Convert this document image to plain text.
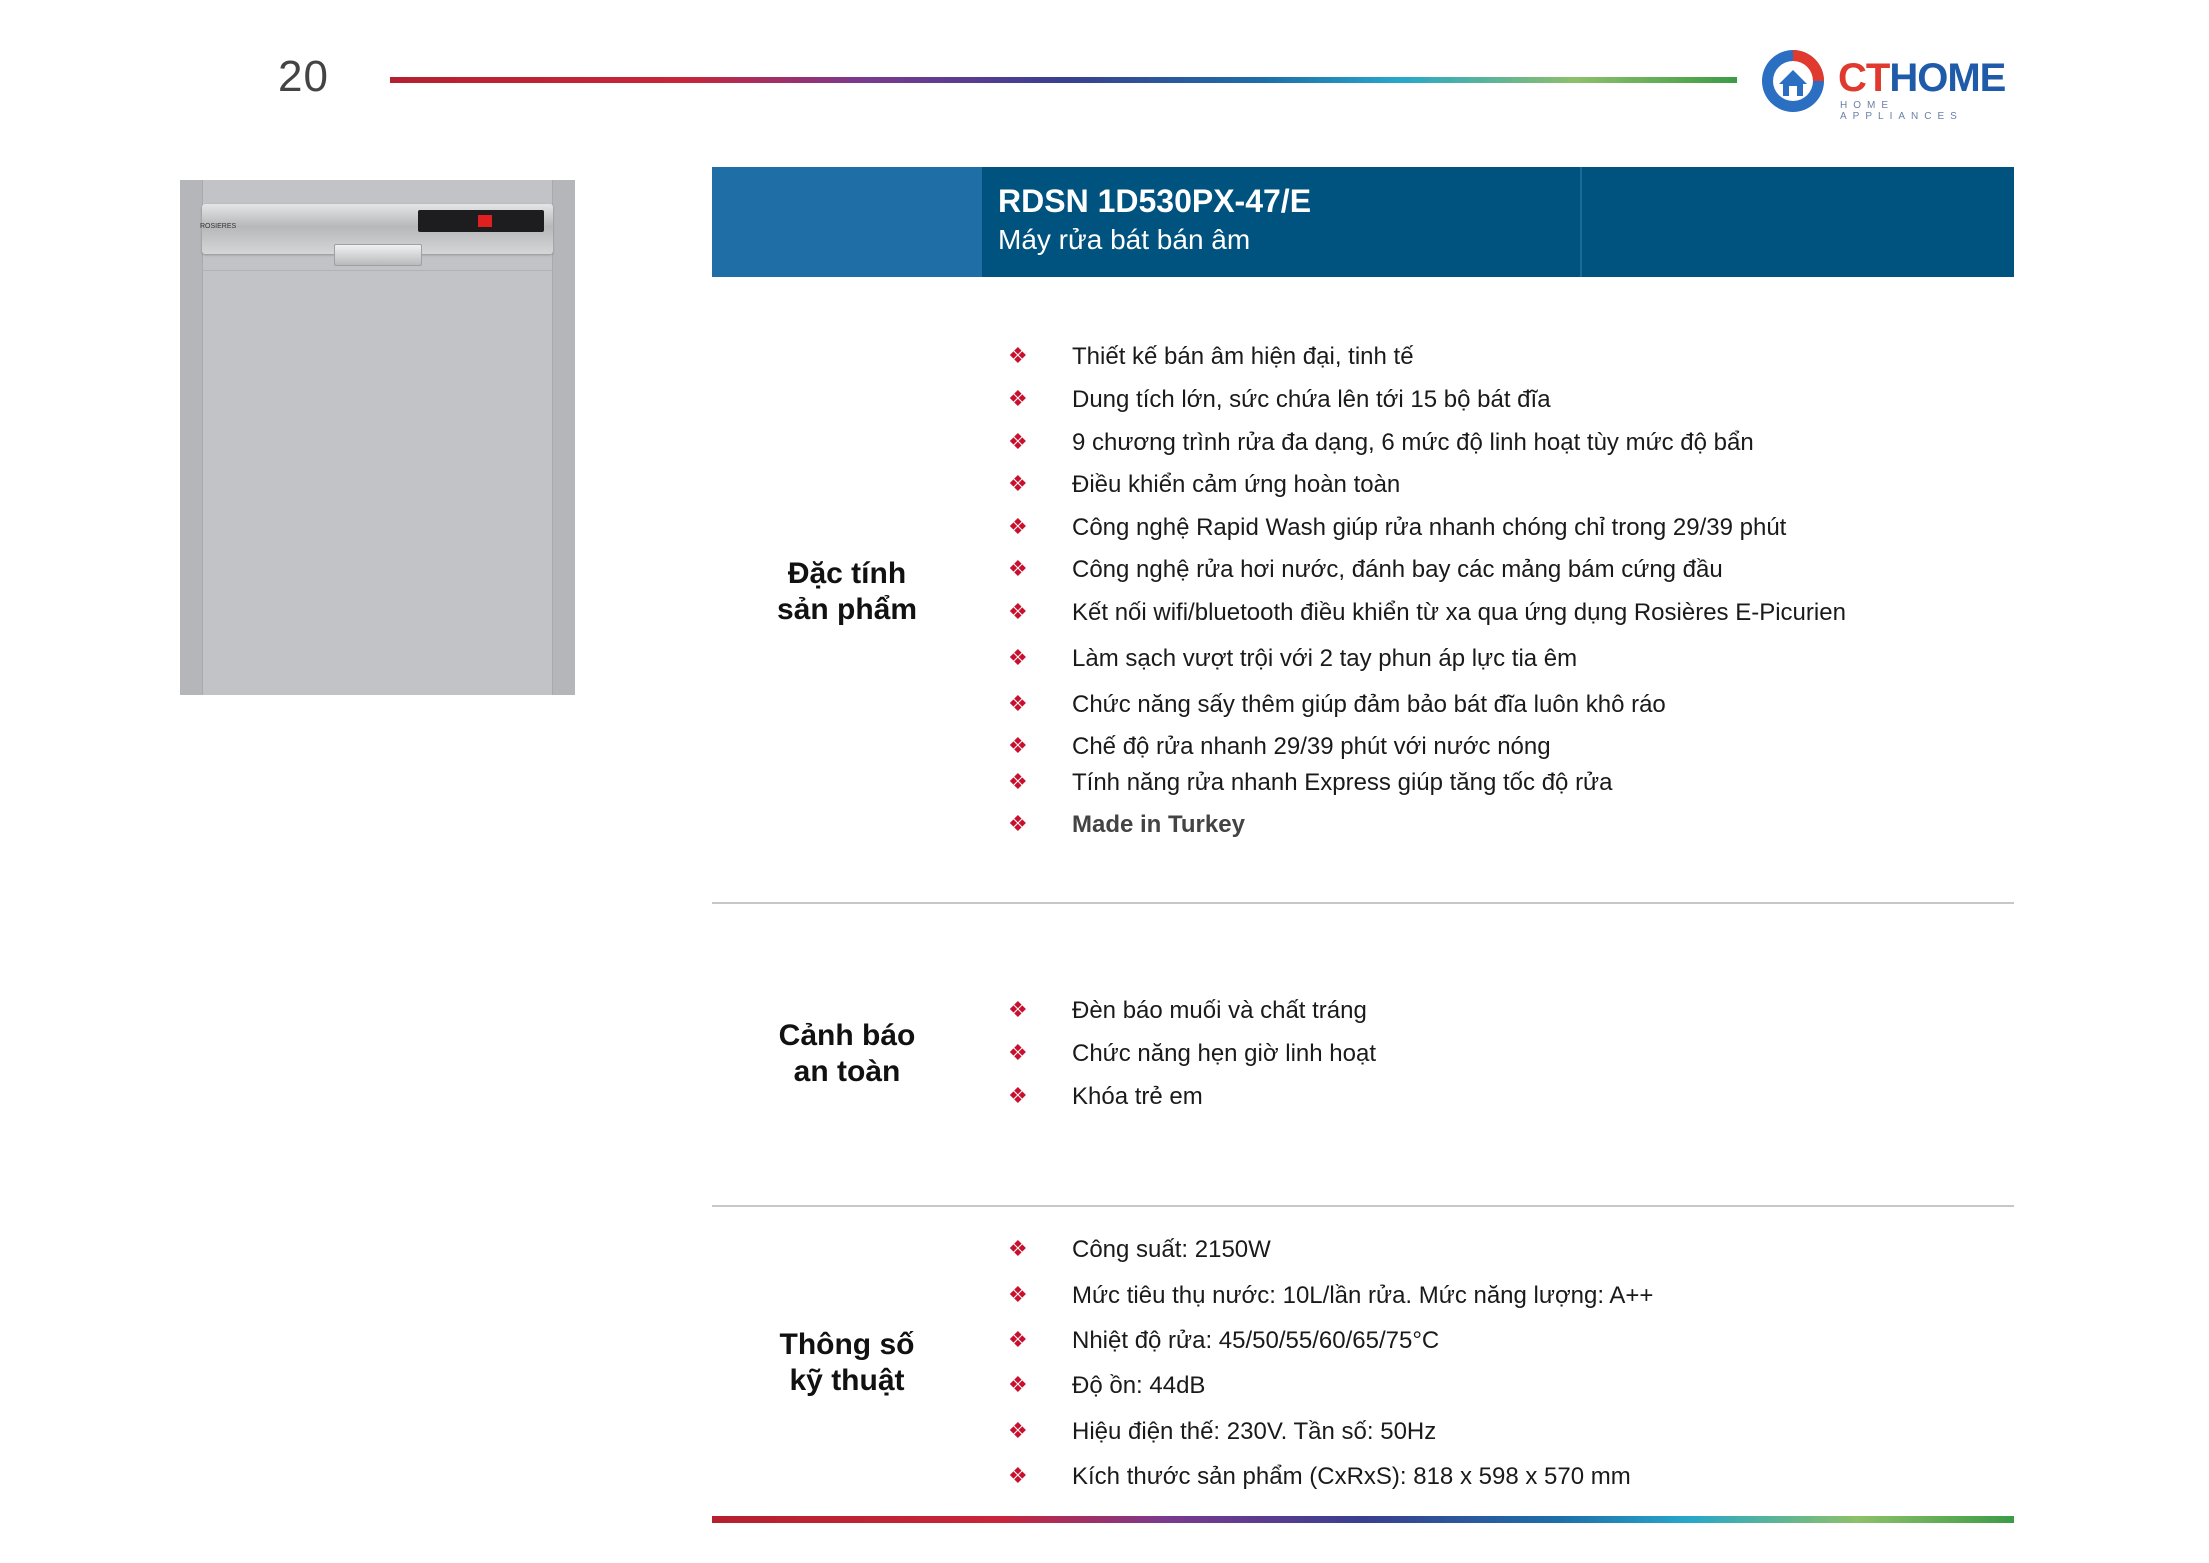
20	CTHOME
HOME APPLIANCES
ROSIERES
RDSN 1D530PX-47/E
Máy rửa bát bán âm
Đặc tính
sản phẩm
❖ Thiết kế bán âm hiện đại, tinh tế
❖ Dung tích lớn, sức chứa lên tới 15 bộ bát đĩa
❖ 9 chương trình rửa đa dạng, 6 mức độ linh hoạt tùy mức độ bẩn
❖ Điều khiển cảm ứng hoàn toàn
❖ Công nghệ Rapid Wash giúp rửa nhanh chóng chỉ trong 29/39 phút
❖ Công nghệ rửa hơi nước, đánh bay các mảng bám cứng đầu
❖ Kết nối wifi/bluetooth điều khiển từ xa qua ứng dụng Rosières E-Picurien
❖ Làm sạch vượt trội với 2 tay phun áp lực tia êm
❖ Chức năng sấy thêm giúp đảm bảo bát đĩa luôn khô ráo
❖ Chế độ rửa nhanh 29/39 phút với nước nóng
❖ Tính năng rửa nhanh Express giúp tăng tốc độ rửa
❖ Made in Turkey
Cảnh báo
an toàn
❖ Đèn báo muối và chất tráng
❖ Chức năng hẹn giờ linh hoạt
❖ Khóa trẻ em
Thông số
kỹ thuật
❖ Công suất: 2150W
❖ Mức tiêu thụ nước: 10L/lần rửa. Mức năng lượng: A++
❖ Nhiệt độ rửa: 45/50/55/60/65/75°C
❖ Độ ồn: 44dB
❖ Hiệu điện thế: 230V. Tần số: 50Hz
❖ Kích thước sản phẩm (CxRxS): 818 x 598 x 570 mm
